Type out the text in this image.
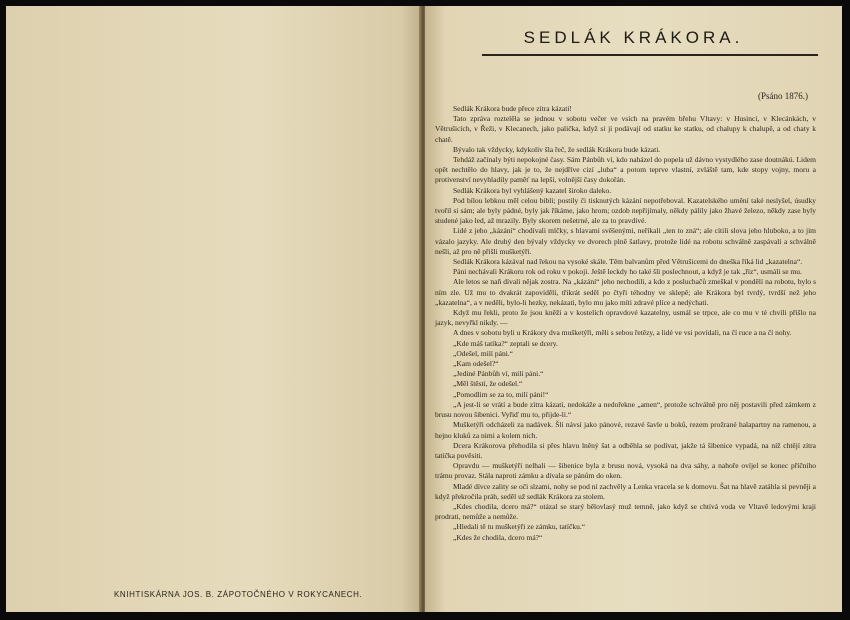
KNIHTISKÁRNA JOS. B. ZÁPOTOČNÉHO V ROKYCANECH.
SEDLÁK KRÁKORA.
(Psáno 1876.)

Sedlák Krákora bude přece zítra kázati!

Tato zpráva roztelěla se jednou v sobotu večer ve vsích na pravém břehu Vltavy: v Husinci, v Klecánkách, v Větrušicích, v Řeži, v Klecanech, jako palička, když si ji podávají od statku ke statku, od chalupy k chalupě, a od chaty k chatě.

Bývalo tak vždycky, kdykoliv šla řeč, že sedlák Krákora bude kázati.

Tehdáž začínaly býti nepokojné časy. Sám Pánbůh ví, kdo naházel do popela už dávno vystydlého zase doutnákú. Lidem opět nechtělo do hlavy, jak je to, že nejdříve cizí „luba“ a potom teprve vlastní, zvláště tam, kde stopy vojny, moru a protivenství nevyhladily paměť na lepší, volnější časy dokořán.

Sedlák Krákora byl vyhlášený kazatel široko daleko.

Pod bílou lebkou měl celou bibli; postily či tisknutých kázání nepotřeboval. Kazatelského umění také neslyšel, úsudky tvořil si sám; ale byly pádné, byly jak říkáme, jako hrom; ozdob nepřijímaly, někdy pálily jako žhavé železo, někdy zase byly studené jako led, až mrazily. Byly skorem nešetrné, ale za to pravdivé.

Lidé z jeho „kázání“ chodívali mlčky, s hlavami svěšenými, neříkali „ten to zná“; ale cítili slova jeho hluboko, a to jim vázalo jazyky. Ale druhý den bývaly vždycky ve dvorech plně šatlavy, protože lidé na robotu schválně zaspávali a schválně nešli, až pro ně přišli mušketýři.

Sedlák Krákora kázával nad řekou na vysoké skále. Těm balvanům před Větrušicemi do dneška říká lid „kazatelna“.

Páni nechávali Krákoru rok od roku v pokoji. Ještě leckdy ho také šli poslechnout, a když je tak „říz“, usmáli se mu.

Ale letos se naň dívali nějak zostra. Na „kázání“ jeho nechodili, a kdo z posluchačů zmeškal v pondělí na robotu, bylo s ním zle. Už mu to dvakrát zapovídělí, třikrát seděl po čtyři téhodny ve sklepě; ale Krákora byl tvrdý, tvrdší než jeho „kazatelna“, a v neděli, bylo-li hezky, nekázati, bylo mu jako míti zdravé plíce a nedýchati.

Když mu řekli, proto že jsou kněží a v kostelích opravdové kazatelny, usmál se trpce, ale co mu v té chvíli přišlo na jazyk, nevyřkl nikdy. —

A dnes v sobotu byli u Krákory dva mušketýři, měli s sebou řetězy, a lidé ve vsi povídali, na čí ruce a na čí nohy.

„Kde máš tatíka?“ zeptali se dcery.

„Odešel, milí páni.“

„Kam odešel?“

„Jediné Pánbůh ví, milí páni.“

„Měl štěstí, že odešel.“

„Pomodlim se za to, milí páni!“

„A jest-li se vrátí a bude zítra kázati, nedokáže a nedořekne „amen“, protože schválně pro něj postavili před zámkem z brusu novou šibenici. Vyřiď mu to, přijde-li.“

Mušketýři odcházeli za nadávek. Šli návsí jako pánové, rezavé šavle u boků, rezem prožrané halapartny na ramenou, a hejno kluků za nimi a kolem nich.

Dcera Krákorova přehodila si přes hlavu lněný šat a odběhla se podívat, jakže tá šibenice vypadá, na níž chtějí zítra tatíčka pověsiti.

Opravdu — mušketýři nelhali — šibenice byla z brusu nová, vysoká na dva sáhy, a nahoře ovíjel se konec příčního trámu provaz. Stála naproti zámku a dívala se pánům do oken.

Mladé dívce zality se oči slzami, nohy se pod ní zachvěly a Lenka vracela se k domovu. Šat na hlavě zatáhla si pevněji a když překročila práh, seděl už sedlák Krákora za stolem.

„Kdes chodila, dcero má?“ otázal se starý bělovlasý muž temně, jako když se chtívá voda ve Vltavě ledovými kraji prodrati, nemůže a nemůže.

„Hledali tě tu mušketýři ze zámku, tatíčku.“

„Kdes že chodila, dcero má?“
